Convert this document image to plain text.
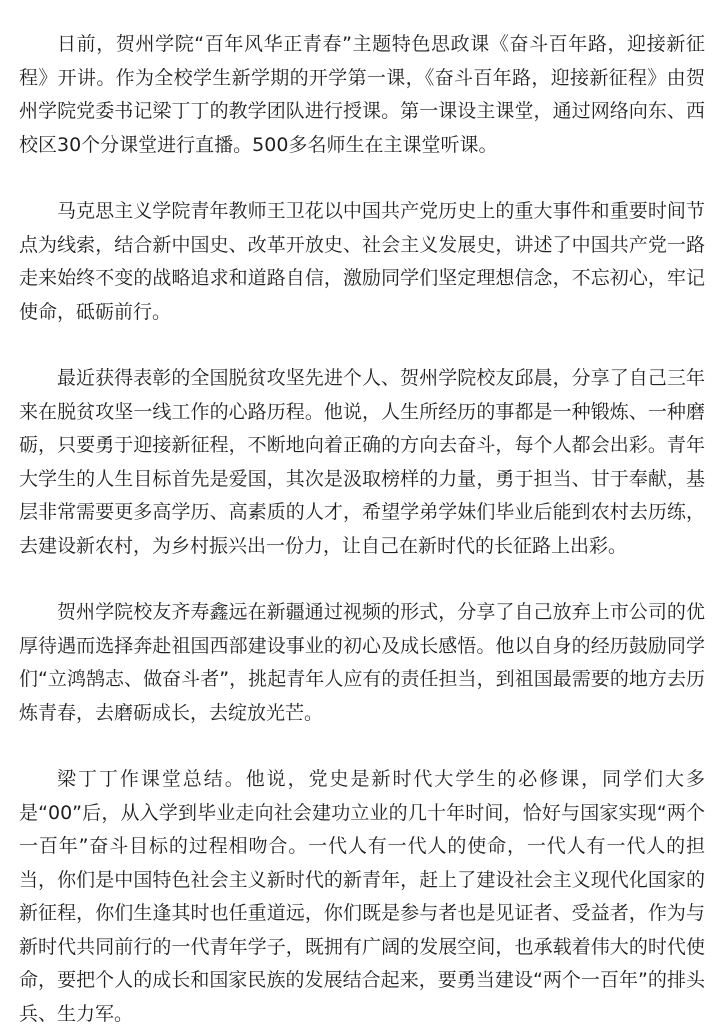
日前，贺州学院“百年风华正青春”主题特色思政课《奋斗百年路，迎接新征程》开讲。作为全校学生新学期的开学第一课，《奋斗百年路，迎接新征程》由贺州学院党委书记梁丁丁的教学团队进行授课。第一课设主课堂，通过网络向东、西校区30个分课堂进行直播。500多名师生在主课堂听课。

马克思主义学院青年教师王卫花以中国共产党历史上的重大事件和重要时间节点为线索，结合新中国史、改革开放史、社会主义发展史，讲述了中国共产党一路走来始终不变的战略追求和道路自信，激励同学们坚定理想信念，不忘初心，牢记使命，砥砺前行。

最近获得表彰的全国脱贫攻坚先进个人、贺州学院校友邱晨，分享了自己三年来在脱贫攻坚一线工作的心路历程。他说，人生所经历的事都是一种锻炼、一种磨砺，只要勇于迎接新征程，不断地向着正确的方向去奋斗，每个人都会出彩。青年大学生的人生目标首先是爱国，其次是汲取榜样的力量，勇于担当、甘于奉献，基层非常需要更多高学历、高素质的人才，希望学弟学妹们毕业后能到农村去历练，去建设新农村，为乡村振兴出一份力，让自己在新时代的长征路上出彩。

贺州学院校友齐寿鑫远在新疆通过视频的形式，分享了自己放弃上市公司的优厚待遇而选择奔赴祖国西部建设事业的初心及成长感悟。他以自身的经历鼓励同学们“立鸿鹄志、做奋斗者”，挑起青年人应有的责任担当，到祖国最需要的地方去历炼青春，去磨砺成长，去绽放光芒。

梁丁丁作课堂总结。他说，党史是新时代大学生的必修课，同学们大多是“00”后，从入学到毕业走向社会建功立业的几十年时间，恰好与国家实现“两个一百年”奋斗目标的过程相吻合。一代人有一代人的使命，一代人有一代人的担当，你们是中国特色社会主义新时代的新青年，赶上了建设社会主义现代化国家的新征程，你们生逢其时也任重道远，你们既是参与者也是见证者、受益者，作为与新时代共同前行的一代青年学子，既拥有广阔的发展空间，也承载着伟大的时代使命，要把个人的成长和国家民族的发展结合起来，要勇当建设“两个一百年”的排头兵、生力军。
